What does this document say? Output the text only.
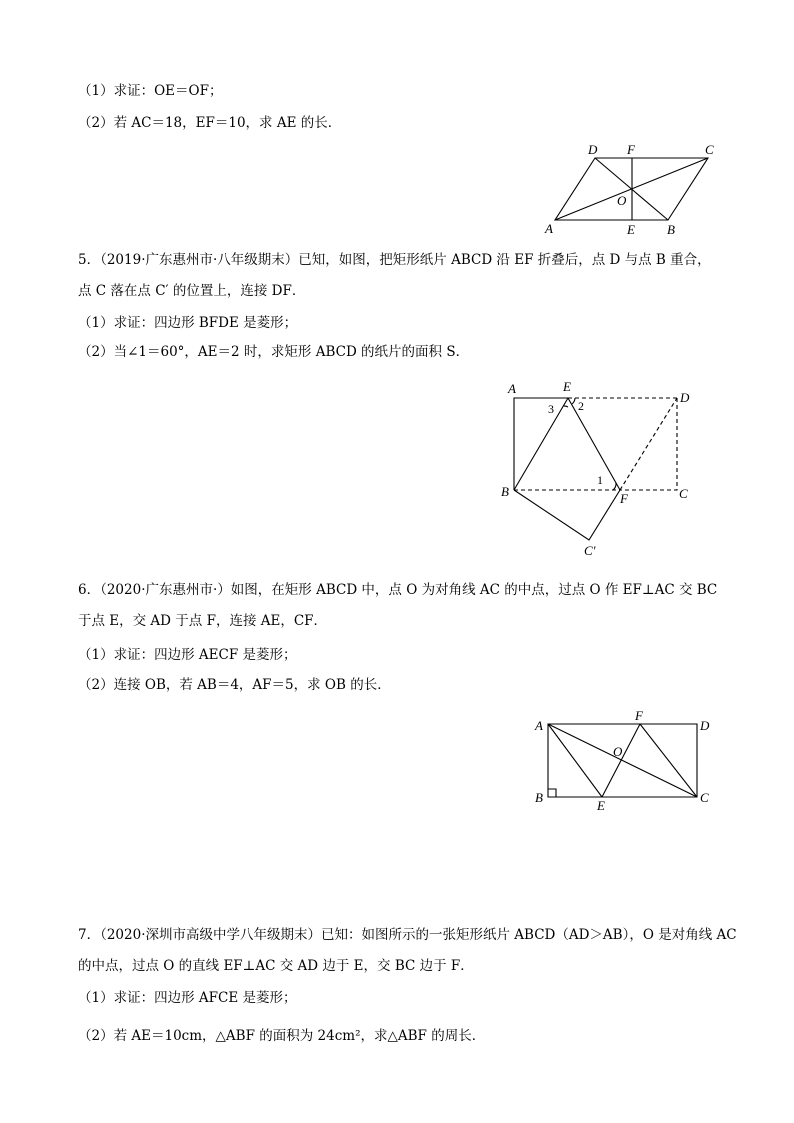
（1）求证：OE＝OF；
（2）若 AC＝18，EF＝10，求 AE 的长．
D F	C
O
A	E B
5．（2019·广东惠州市·八年级期末）已知，如图，把矩形纸片 ABCD 沿 EF 折叠后，点 D 与点 B 重合，
点 C 落在点 C′ 的位置上，连接 DF．
（1）求证：四边形 BFDE 是菱形；
（2）当∠1＝60°，AE＝2 时，求矩形 ABCD 的纸片的面积 S．
A	E
D
B	F	C
C′
1
2
3
6．（2020·广东惠州市·）如图，在矩形 ABCD 中，点 O 为对角线 AC 的中点，过点 O 作 EF⊥AC 交 BC
于点 E，交 AD 于点 F，连接 AE，CF．
（1）求证：四边形 AECF 是菱形；
（2）连接 OB，若 AB＝4，AF＝5，求 OB 的长．
A
F
D
O
B
E
C
7．（2020·深圳市高级中学八年级期末）已知：如图所示的一张矩形纸片 ABCD（AD＞AB），O 是对角线 AC
的中点，过点 O 的直线 EF⊥AC 交 AD 边于 E，交 BC 边于 F．
（1）求证：四边形 AFCE 是菱形；
（2）若 AE＝10cm，△ABF 的面积为 24cm²，求△ABF 的周长．
